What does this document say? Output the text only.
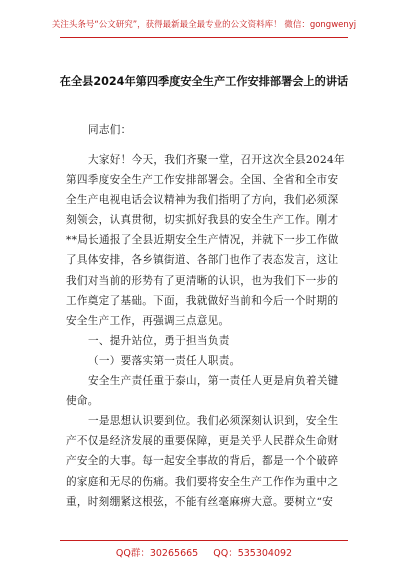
关注头条号“公文研究”，获得最新最全最专业的公文资料库！ 微信：gongwenyj
在全县2024年第四季度安全生产工作安排部署会上的讲话
同志们：
大家好！今天，我们齐聚一堂，召开这次全县2024年
第四季度安全生产工作安排部署会。全国、全省和全市安
全生产电视电话会议精神为我们指明了方向，我们必须深
刻领会，认真贯彻，切实抓好我县的安全生产工作。刚才
**局长通报了全县近期安全生产情况，并就下一步工作做
了具体安排，各乡镇街道、各部门也作了表态发言，这让
我们对当前的形势有了更清晰的认识，也为我们下一步的
工作奠定了基础。下面，我就做好当前和今后一个时期的
安全生产工作，再强调三点意见。
一、提升站位，勇于担当负责
（一）要落实第一责任人职责。
安全生产责任重于泰山，第一责任人更是肩负着关键
使命。
一是思想认识要到位。我们必须深刻认识到，安全生
产不仅是经济发展的重要保障，更是关乎人民群众生命财
产安全的大事。每一起安全事故的背后，都是一个个破碎
的家庭和无尽的伤痛。我们要将安全生产工作作为重中之
重，时刻绷紧这根弦，不能有丝毫麻痹大意。要树立“安
QQ群：30265665 QQ：535304092
